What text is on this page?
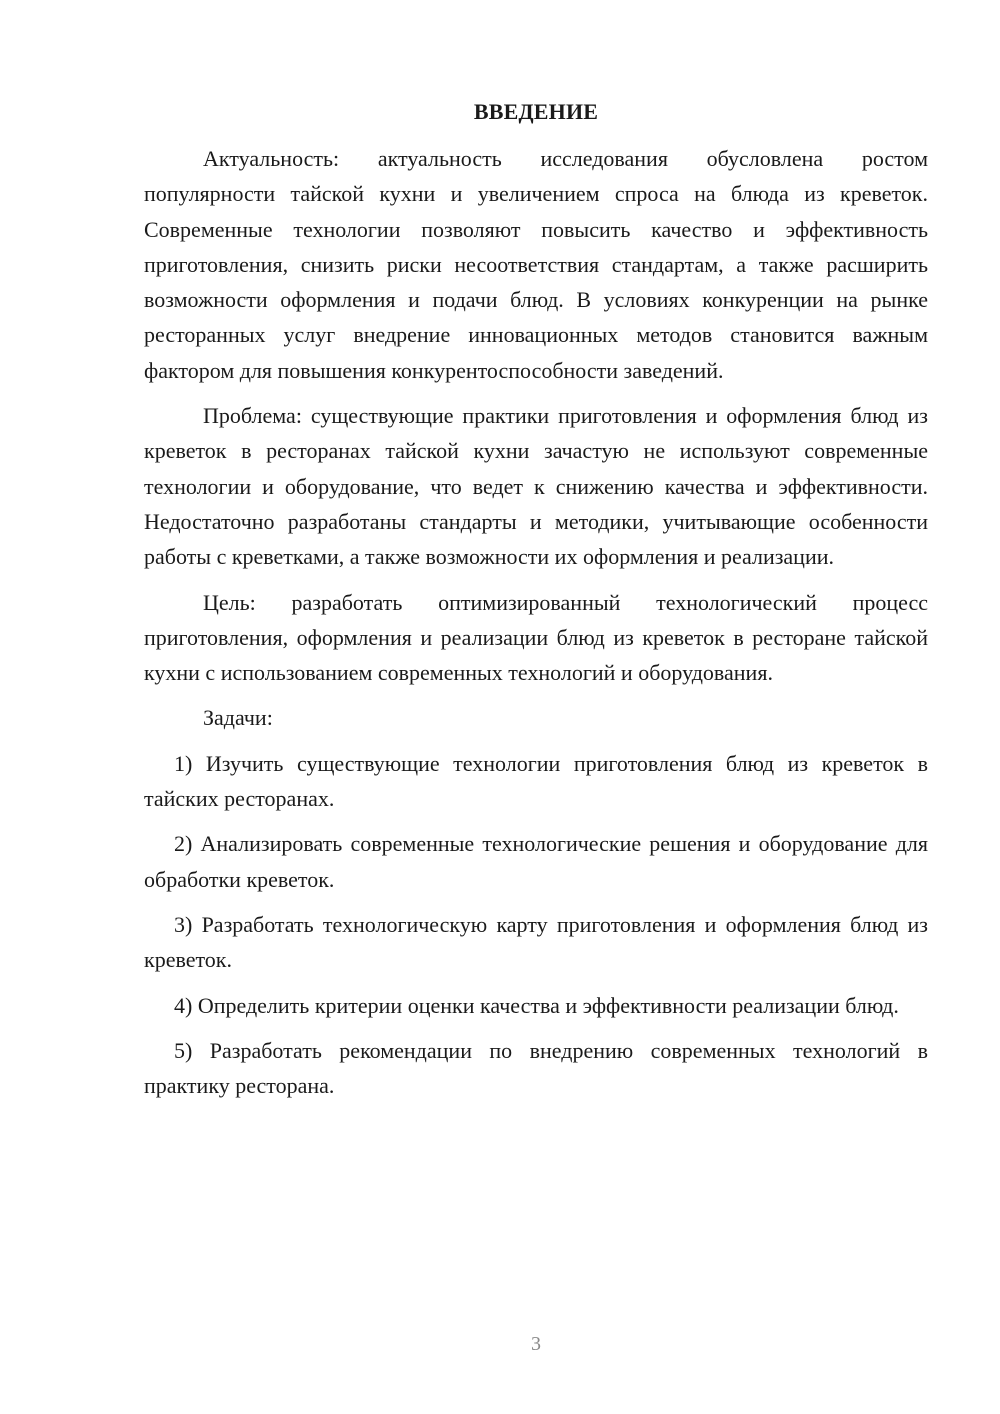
ВВЕДЕНИЕ

Актуальность: актуальность исследования обусловлена ростом популярности тайской кухни и увеличением спроса на блюда из креветок. Современные технологии позволяют повысить качество и эффективность приготовления, снизить риски несоответствия стандартам, а также расширить возможности оформления и подачи блюд. В условиях конкуренции на рынке ресторанных услуг внедрение инновационных методов становится важным фактором для повышения конкурентоспособности заведений.

Проблема: существующие практики приготовления и оформления блюд из креветок в ресторанах тайской кухни зачастую не используют современные технологии и оборудование, что ведет к снижению качества и эффективности. Недостаточно разработаны стандарты и методики, учитывающие особенности работы с креветками, а также возможности их оформления и реализации.

Цель: разработать оптимизированный технологический процесс приготовления, оформления и реализации блюд из креветок в ресторане тайской кухни с использованием современных технологий и оборудования.

Задачи:

1) Изучить существующие технологии приготовления блюд из креветок в тайских ресторанах.

2) Анализировать современные технологические решения и оборудование для обработки креветок.

3) Разработать технологическую карту приготовления и оформления блюд из креветок.

4) Определить критерии оценки качества и эффективности реализации блюд.

5) Разработать рекомендации по внедрению современных технологий в практику ресторана.

3
